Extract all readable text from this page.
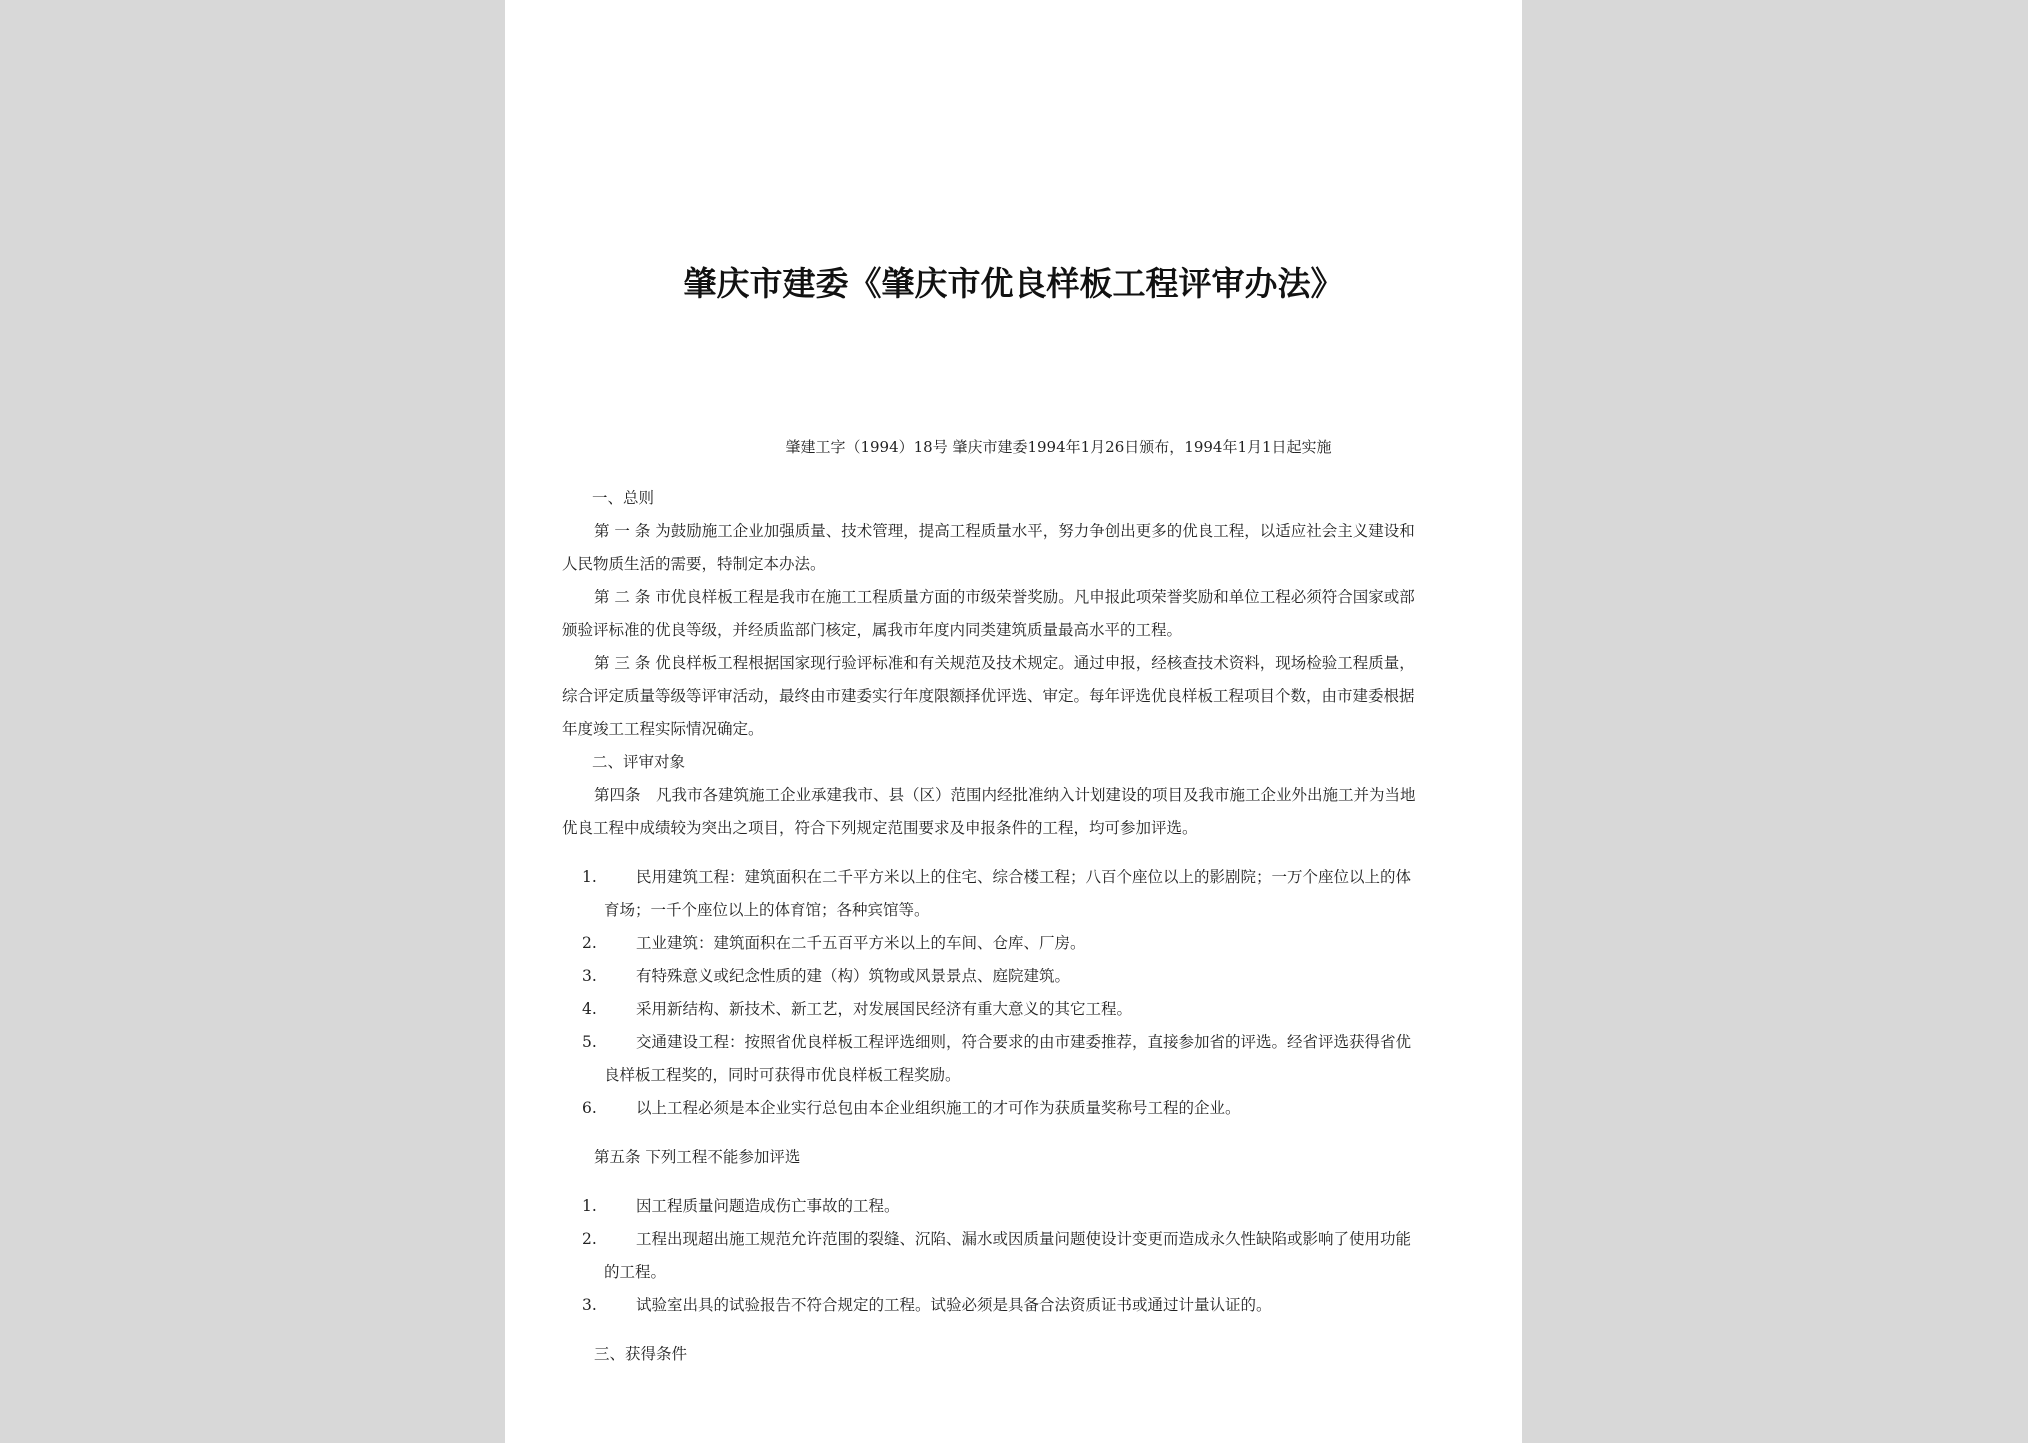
肇庆市建委《肇庆市优良样板工程评审办法》
肇建工字（1994）18号 肇庆市建委1994年1月26日颁布，1994年1月1日起实施
一、总则
第 一 条 为鼓励施工企业加强质量、技术管理，提高工程质量水平，努力争创出更多的优良工程，以适应社会主义建设和
人民物质生活的需要，特制定本办法。
第 二 条 市优良样板工程是我市在施工工程质量方面的市级荣誉奖励。凡申报此项荣誉奖励和单位工程必须符合国家或部
颁验评标准的优良等级，并经质监部门核定，属我市年度内同类建筑质量最高水平的工程。
第 三 条 优良样板工程根据国家现行验评标准和有关规范及技术规定。通过申报，经核查技术资料，现场检验工程质量，
综合评定质量等级等评审活动，最终由市建委实行年度限额择优评选、审定。每年评选优良样板工程项目个数，由市建委根据
年度竣工工程实际情况确定。
二、评审对象
第四条　凡我市各建筑施工企业承建我市、县（区）范围内经批准纳入计划建设的项目及我市施工企业外出施工并为当地
优良工程中成绩较为突出之项目，符合下列规定范围要求及申报条件的工程，均可参加评选。
1.	民用建筑工程：建筑面积在二千平方米以上的住宅、综合楼工程；八百个座位以上的影剧院；一万个座位以上的体
育场；一千个座位以上的体育馆；各种宾馆等。
2.	工业建筑：建筑面积在二千五百平方米以上的车间、仓库、厂房。
3.	有特殊意义或纪念性质的建（构）筑物或风景景点、庭院建筑。
4.	采用新结构、新技术、新工艺，对发展国民经济有重大意义的其它工程。
5.	交通建设工程：按照省优良样板工程评选细则，符合要求的由市建委推荐，直接参加省的评选。经省评选获得省优
良样板工程奖的，同时可获得市优良样板工程奖励。
6.	以上工程必须是本企业实行总包由本企业组织施工的才可作为获质量奖称号工程的企业。
第五条 下列工程不能参加评选
1.	因工程质量问题造成伤亡事故的工程。
2.	工程出现超出施工规范允许范围的裂缝、沉陷、漏水或因质量问题使设计变更而造成永久性缺陷或影响了使用功能
的工程。
3.	试验室出具的试验报告不符合规定的工程。试验必须是具备合法资质证书或通过计量认证的。
三、获得条件
